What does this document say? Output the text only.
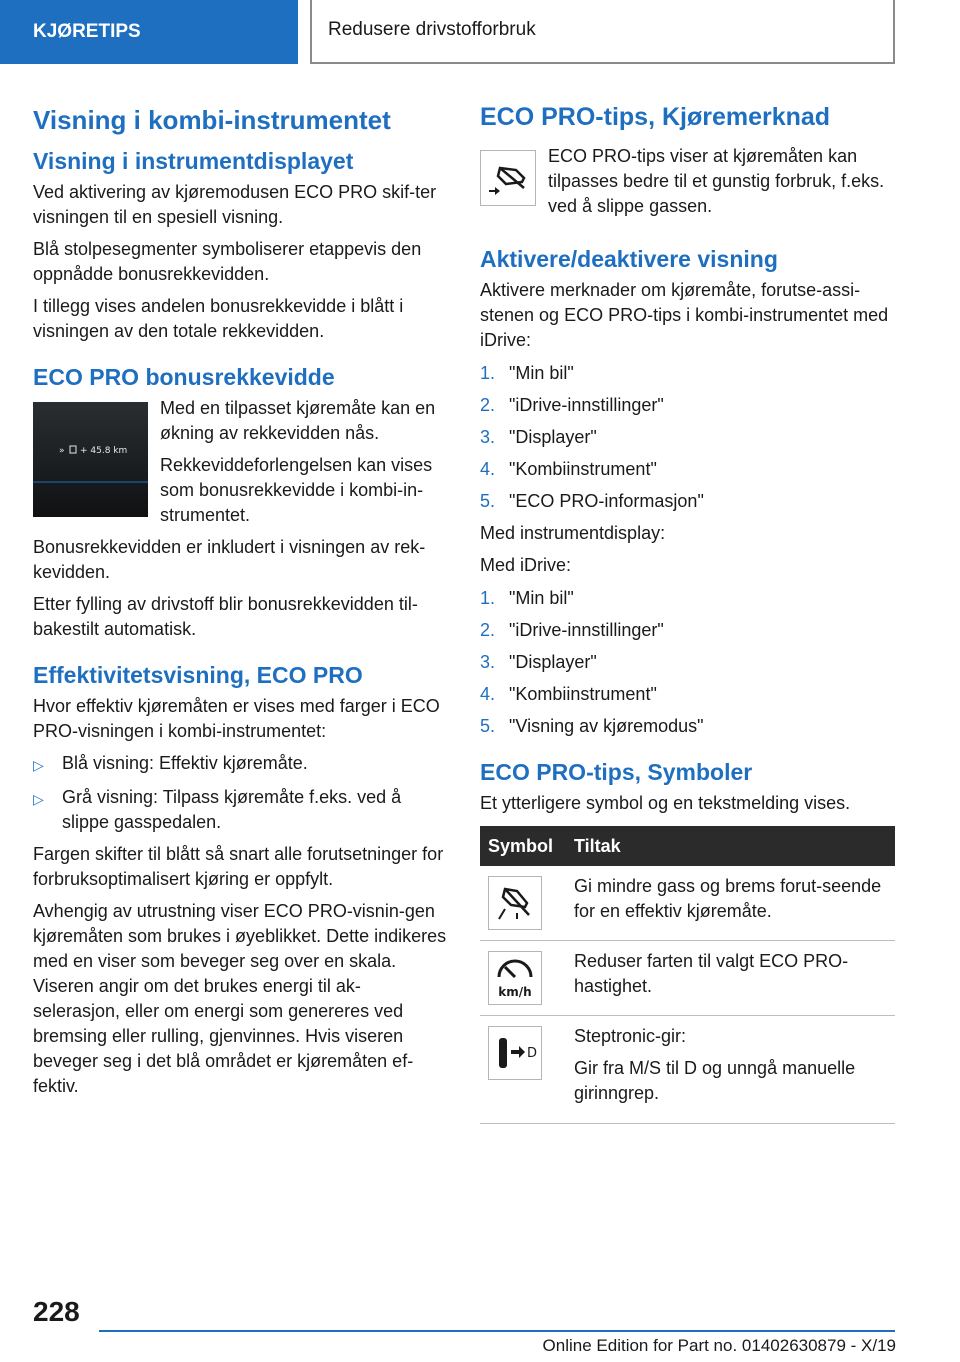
KJØRETIPS	Redusere drivstofforbruk
Visning i kombi-instrumentet
Visning i instrumentdisplayet

Ved aktivering av kjøremodusen ECO PRO skif-ter visningen til en spesiell visning.

Blå stolpesegmenter symboliserer etappevis den oppnådde bonusrekkevidden.

I tillegg vises andelen bonusrekkevidde i blått i visningen av den totale rekkevidden.

ECO PRO bonusrekkevidde
» + 45.8 km

Med en tilpasset kjøremåte kan en økning av rekkevidden nås.

Rekkeviddeforlengelsen kan vises som bonusrekkevidde i kombi-in-strumentet.

Bonusrekkevidden er inkludert i visningen av rek-kevidden.

Etter fylling av drivstoff blir bonusrekkevidden til-bakestilt automatisk.

Effektivitetsvisning, ECO PRO

Hvor effektiv kjøremåten er vises med farger i ECO PRO-visningen i kombi-instrumentet:

▷	Blå visning: Effektiv kjøremåte.
▷	Grå visning: Tilpass kjøremåte f.eks. ved å slippe gasspedalen.

Fargen skifter til blått så snart alle forutsetninger for forbruksoptimalisert kjøring er oppfylt.

Avhengig av utrustning viser ECO PRO-visnin-gen kjøremåten som brukes i øyeblikket. Dette indikeres med en viser som beveger seg over en skala. Viseren angir om det brukes energi til ak-selerasjon, eller om energi som genereres ved bremsing eller rulling, gjenvinnes. Hvis viseren beveger seg i det blå området er kjøremåten ef-fektiv.

ECO PRO-tips, Kjøremerknad

ECO PRO-tips viser at kjøremåten kan tilpasses bedre til et gunstig forbruk, f.eks. ved å slippe gassen.

Aktivere/deaktivere visning

Aktivere merknader om kjøremåte, forutse-assi-stenen og ECO PRO-tips i kombi-instrumentet med iDrive:

1. "Min bil"
2. "iDrive-innstillinger"
3. "Displayer"
4. "Kombiinstrument"
5. "ECO PRO-informasjon"

Med instrumentdisplay:

Med iDrive:

1. "Min bil"
2. "iDrive-innstillinger"
3. "Displayer"
4. "Kombiinstrument"
5. "Visning av kjøremodus"
ECO PRO-tips, Symboler

Et ytterligere symbol og en tekstmelding vises.

Symbol	Tiltak

	Gi mindre gass og brems forut-seende for en effektiv kjøremåte.

km/h	Reduser farten til valgt ECO PRO-hastighet.

D	Steptronic-gir:

Gir fra M/S til D og unngå manuelle girinngrep.

228
Online Edition for Part no. 01402630879 - X/19
